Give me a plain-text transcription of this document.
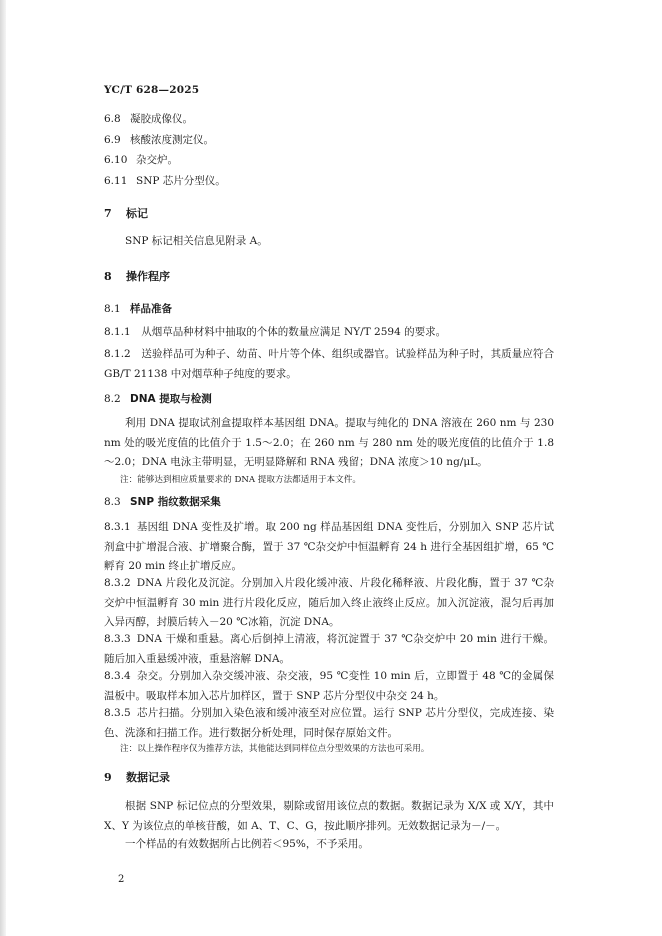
YC/T 628—2025
6.8 凝胶成像仪。
6.9 核酸浓度测定仪。
6.10 杂交炉。
6.11 SNP 芯片分型仪。
7 标记
SNP 标记相关信息见附录 A。
8 操作程序
8.1 样品准备
8.1.1　从烟草品种材料中抽取的个体的数量应满足 NY/T 2594 的要求。
8.1.2　送验样品可为种子、幼苗、叶片等个体、组织或器官。试验样品为种子时，其质量应符合 GB/T 21138 中对烟草种子纯度的要求。
8.2 DNA 提取与检测
利用 DNA 提取试剂盒提取样本基因组 DNA。提取与纯化的 DNA 溶液在 260 nm 与 230 nm 处的吸光度值的比值介于 1.5～2.0；在 260 nm 与 280 nm 处的吸光度值的比值介于 1.8～2.0；DNA 电泳主带明显，无明显降解和 RNA 残留；DNA 浓度＞10 ng/μL。
注：能够达到相应质量要求的 DNA 提取方法都适用于本文件。
8.3 SNP 指纹数据采集
8.3.1 基因组 DNA 变性及扩增。取 200 ng 样品基因组 DNA 变性后，分别加入 SNP 芯片试剂盒中扩增混合液、扩增聚合酶，置于 37 ℃杂交炉中恒温孵育 24 h 进行全基因组扩增，65 ℃孵育 20 min 终止扩增反应。
8.3.2 DNA 片段化及沉淀。分别加入片段化缓冲液、片段化稀释液、片段化酶，置于 37 ℃杂交炉中恒温孵育 30 min 进行片段化反应，随后加入终止液终止反应。加入沉淀液，混匀后再加入异丙醇，封膜后转入－20 ℃冰箱，沉淀 DNA。
8.3.3 DNA 干燥和重悬。离心后倒掉上清液，将沉淀置于 37 ℃杂交炉中 20 min 进行干燥。随后加入重悬缓冲液，重悬溶解 DNA。
8.3.4 杂交。分别加入杂交缓冲液、杂交液，95 ℃变性 10 min 后，立即置于 48 ℃的金属保温板中。吸取样本加入芯片加样区，置于 SNP 芯片分型仪中杂交 24 h。
8.3.5 芯片扫描。分别加入染色液和缓冲液至对应位置。运行 SNP 芯片分型仪，完成连接、染色、洗涤和扫描工作。进行数据分析处理，同时保存原始文件。
注：以上操作程序仅为推荐方法，其他能达到同样位点分型效果的方法也可采用。
9 数据记录
根据 SNP 标记位点的分型效果，剔除或留用该位点的数据。数据记录为 X/X 或 X/Y，其中 X、Y 为该位点的单核苷酸，如 A、T、C、G，按此顺序排列。无效数据记录为－/－。
一个样品的有效数据所占比例若＜95%，不予采用。
2
